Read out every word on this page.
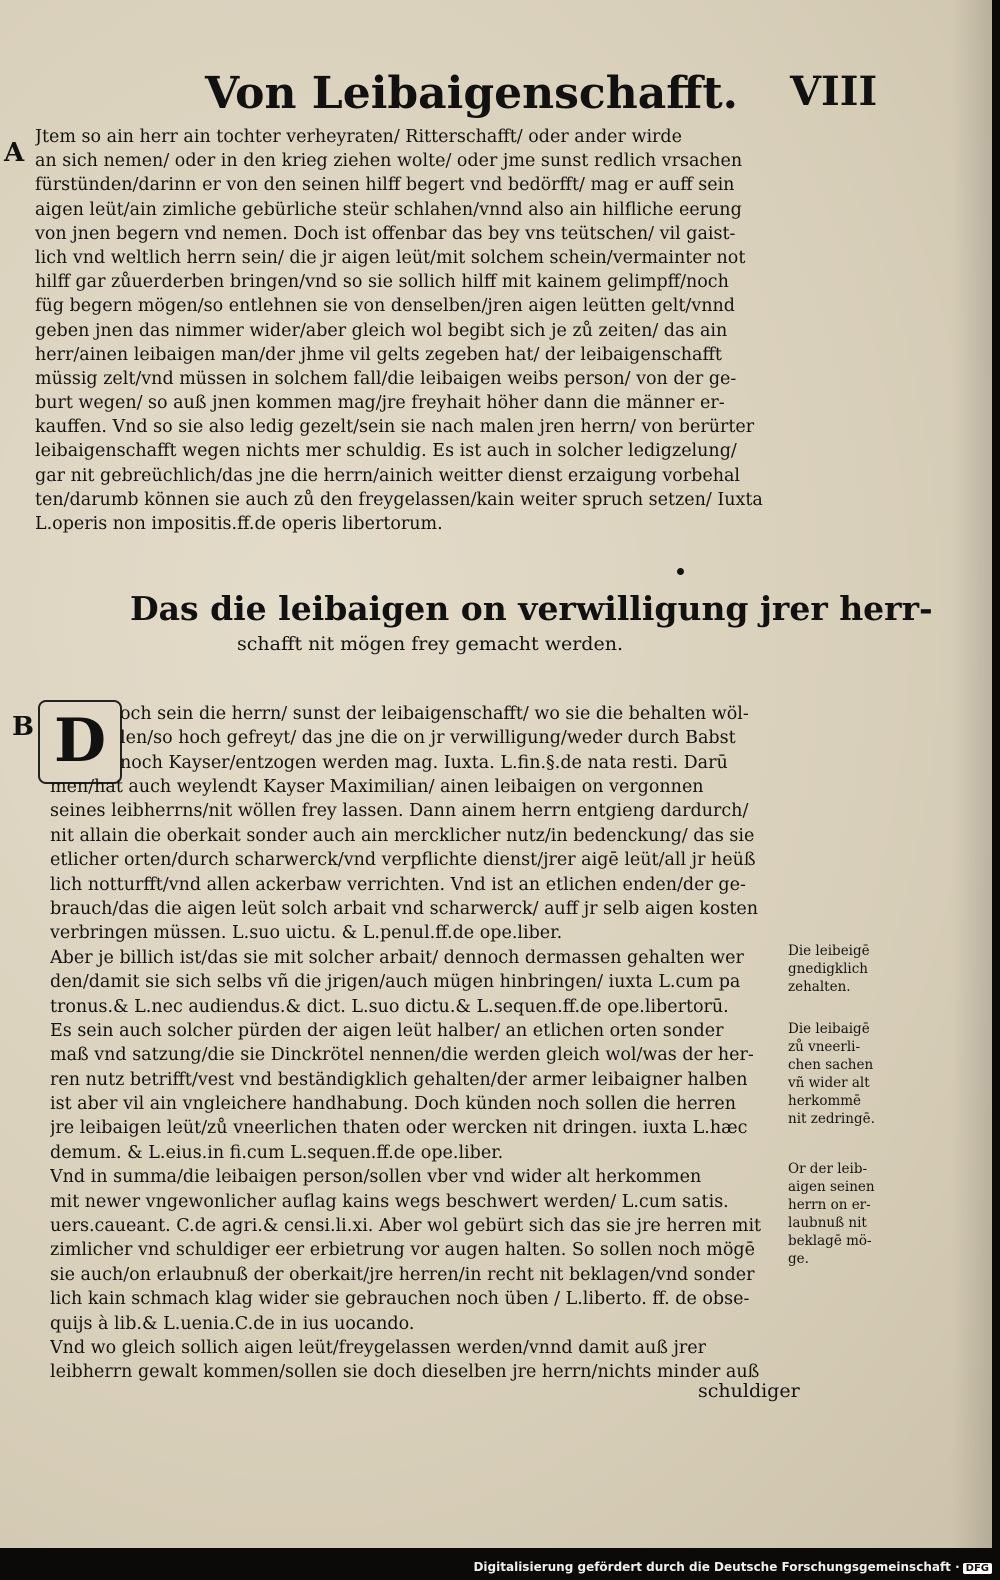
Von Leibaigenschafft. VIII
A
Jtem so ain herr ain tochter verheyraten/ Ritterschafft/ oder ander wirde
an sich nemen/ oder in den krieg ziehen wolte/ oder jme sunst redlich vrsachen
fürstünden/darinn er von den seinen hilff begert vnd bedörfft/ mag er auff sein
aigen leüt/ain zimliche gebürliche steür schlahen/vnnd also ain hilfliche eerung
von jnen begern vnd nemen. Doch ist offenbar das bey vns teütschen/ vil gaist-
lich vnd weltlich herrn sein/ die jr aigen leüt/mit solchem schein/vermainter not
hilff gar zůuerderben bringen/vnd so sie sollich hilff mit kainem gelimpff/noch
füg begern mögen/so entlehnen sie von denselben/jren aigen leütten gelt/vnnd
geben jnen das nimmer wider/aber gleich wol begibt sich je zů zeiten/ das ain
herr/ainen leibaigen man/der jhme vil gelts zegeben hat/ der leibaigenschafft
müssig zelt/vnd müssen in solchem fall/die leibaigen weibs person/ von der ge-
burt wegen/ so auß jnen kommen mag/jre freyhait höher dann die männer er-
kauffen. Vnd so sie also ledig gezelt/sein sie nach malen jren herrn/ von berürter
leibaigenschafft wegen nichts mer schuldig. Es ist auch in solcher ledigzelung/
gar nit gebreüchlich/das jne die herrn/ainich weitter dienst erzaigung vorbehal
ten/darumb können sie auch zů den freygelassen/kain weiter spruch setzen/ Iuxta
L.operis non impositis.ff.de operis libertorum.
Das die leibaigen on verwilligung jrer herr-
schafft nit mögen frey gemacht werden.
B D och sein die herrn/ sunst der leibaigenschafft/ wo sie die behalten wöl-
len/so hoch gefreyt/ das jne die on jr verwilligung/weder durch Babst
noch Kayser/entzogen werden mag. Iuxta. L.fin.§.de nata resti. Darū
men/hat auch weylendt Kayser Maximilian/ ainen leibaigen on vergonnen
seines leibherrns/nit wöllen frey lassen. Dann ainem herrn entgieng dardurch/
nit allain die oberkait sonder auch ain mercklicher nutz/in bedenckung/ das sie
etlicher orten/durch scharwerck/vnd verpflichte dienst/jrer aigē leüt/all jr heüß
lich notturfft/vnd allen ackerbaw verrichten. Vnd ist an etlichen enden/der ge-
brauch/das die aigen leüt solch arbait vnd scharwerck/ auff jr selb aigen kosten
verbringen müssen. L.suo uictu. & L.penul.ff.de ope.liber.
Aber je billich ist/das sie mit solcher arbait/ dennoch dermassen gehalten wer
den/damit sie sich selbs vñ die jrigen/auch mügen hinbringen/ iuxta L.cum pa
tronus.& L.nec audiendus.& dict. L.suo dictu.& L.sequen.ff.de ope.libertorū.
Es sein auch solcher pürden der aigen leüt halber/ an etlichen orten sonder
maß vnd satzung/die sie Dinckrötel nennen/die werden gleich wol/was der her-
ren nutz betrifft/vest vnd beständigklich gehalten/der armer leibaigner halben
ist aber vil ain vngleichere handhabung. Doch künden noch sollen die herren
jre leibaigen leüt/zů vneerlichen thaten oder wercken nit dringen. iuxta L.hæc
demum. & L.eius.in fi.cum L.sequen.ff.de ope.liber.
Vnd in summa/die leibaigen person/sollen vber vnd wider alt herkommen
mit newer vngewonlicher auflag kains wegs beschwert werden/ L.cum satis.
uers.caueant. C.de agri.& censi.li.xi. Aber wol gebürt sich das sie jre herren mit
zimlicher vnd schuldiger eer erbietrung vor augen halten. So sollen noch mögē
sie auch/on erlaubnuß der oberkait/jre herren/in recht nit beklagen/vnd sonder
lich kain schmach klag wider sie gebrauchen noch üben / L.liberto. ff. de obse-
quijs à lib.& L.uenia.C.de in ius uocando.
Vnd wo gleich sollich aigen leüt/freygelassen werden/vnnd damit auß jrer
leibherrn gewalt kommen/sollen sie doch dieselben jre herrn/nichts minder auß
Die leibeigē
gnedigklich
zehalten.
Die leibaigē
zů vneerli-
chen sachen
vñ wider alt
herkommē
nit zedringē.
Or der leib-
aigen seinen
herrn on er-
laubnuß nit
beklagē mö-
ge.
schuldiger
Digitalisierung gefördert durch die Deutsche Forschungsgemeinschaft · DFG
